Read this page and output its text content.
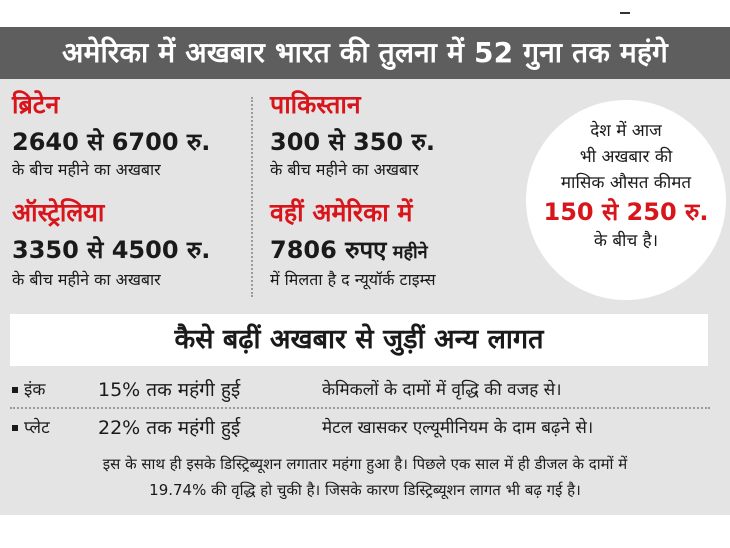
अमेरिका में अखबार भारत की तुलना में 52 गुना तक महंगे
ब्रिटेन
2640 से 6700 रु.
के बीच महीने का अखबार
ऑस्ट्रेलिया
3350 से 4500 रु.
के बीच महीने का अखबार
पाकिस्तान
300 से 350 रु.
के बीच महीने का अखबार
वहीं अमेरिका में
7806 रुपए महीने
में मिलता है द न्यूयॉर्क टाइम्स
देश में आज
भी अखबार की
मासिक औसत कीमत
150 से 250 रु.
के बीच है।
कैसे बढ़ीं अखबार से जुड़ीं अन्य लागत
इंक	15% तक महंगी हुई	केमिकलों के दामों में वृद्धि की वजह से।
प्लेट	22% तक महंगी हुई	मेटल खासकर एल्यूमीनियम के दाम बढ़ने से।
इस के साथ ही इसके डिस्ट्रिब्यूशन लगातार महंगा हुआ है। पिछले एक साल में ही डीजल के दामों में
19.74% की वृद्धि हो चुकी है। जिसके कारण डिस्ट्रिब्यूशन लागत भी बढ़ गई है।
